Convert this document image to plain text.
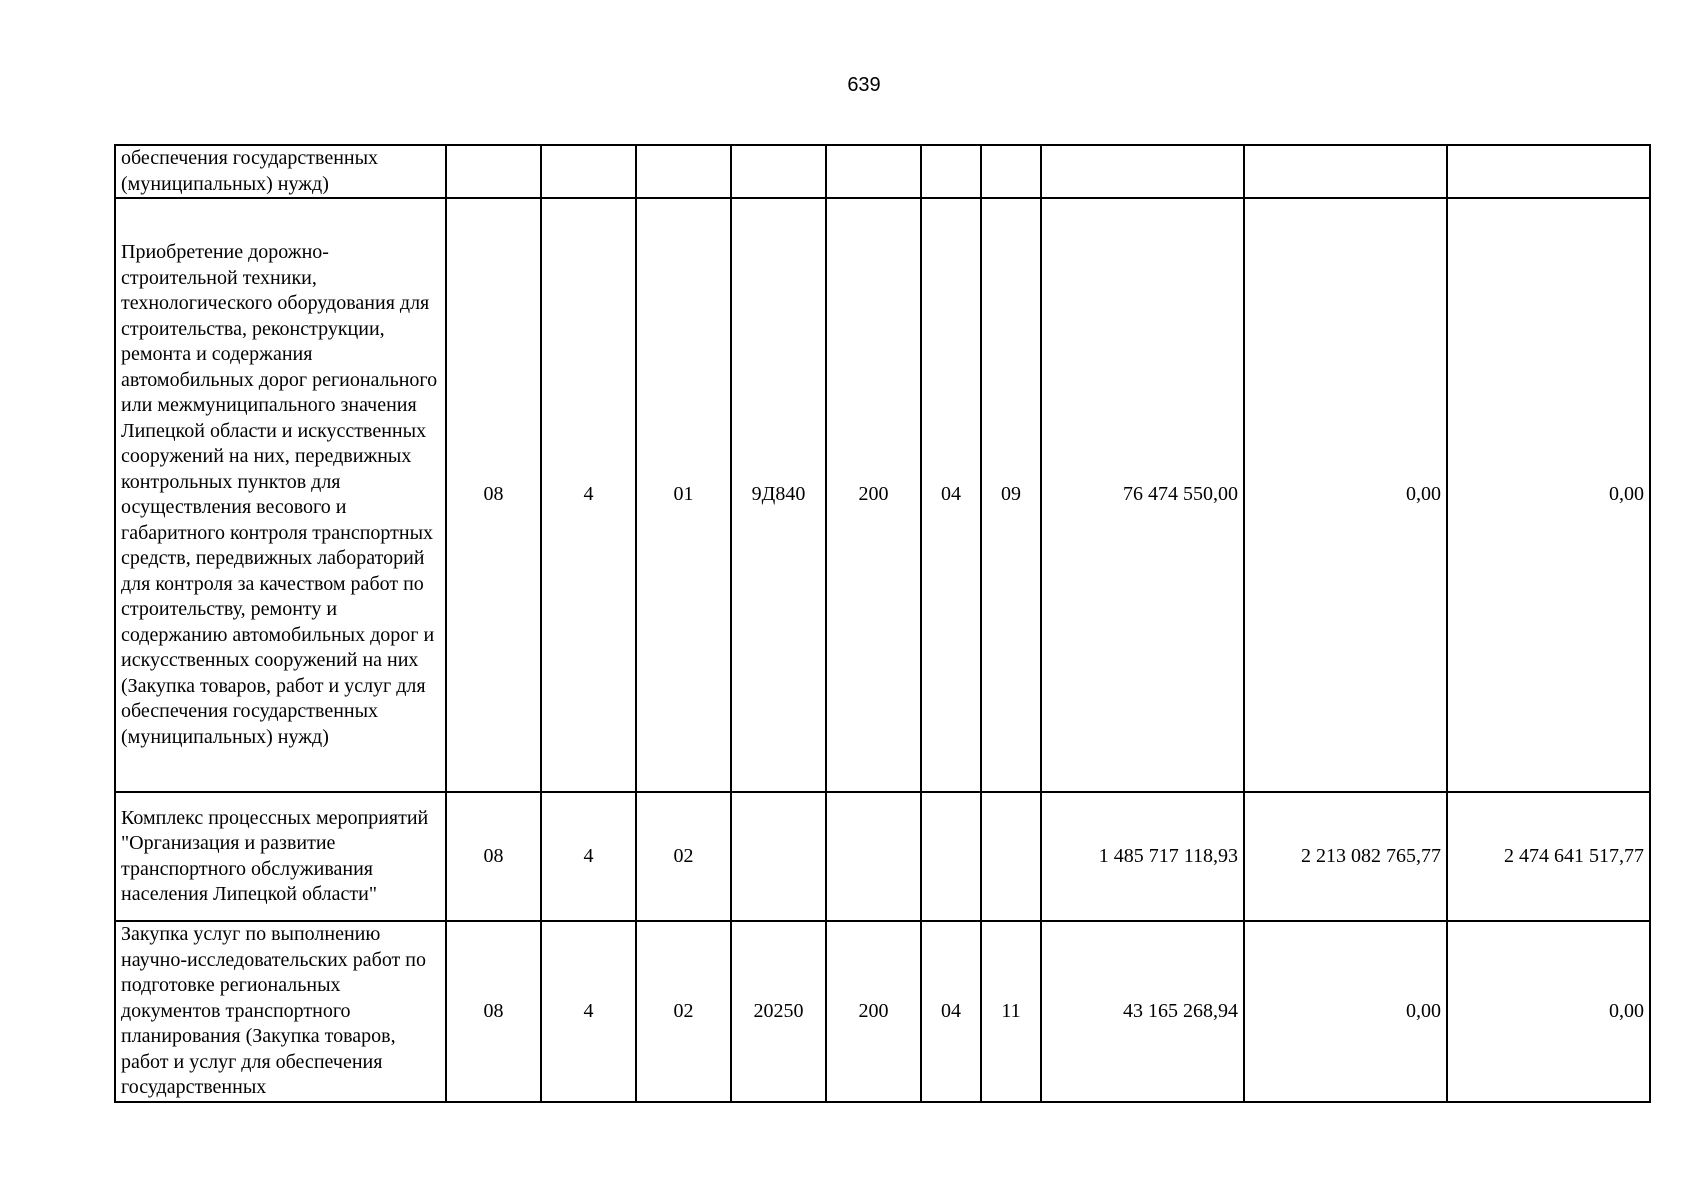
639
обеспечения государственных (муниципальных) нужд)										
Приобретение дорожно-строительной техники, технологического оборудования для строительства, реконструкции, ремонта и содержания автомобильных дорог регионального или межмуниципального значения Липецкой области и искусственных сооружений на них, передвижных контрольных пунктов для осуществления весового и габаритного контроля транспортных средств, передвижных лабораторий для контроля за качеством работ по строительству, ремонту и содержанию автомобильных дорог и искусственных сооружений на них (Закупка товаров, работ и услуг для обеспечения государственных (муниципальных) нужд)	08	4	01	9Д840	200	04	09	76 474 550,00	0,00	0,00
Комплекс процессных мероприятий "Организация и развитие транспортного обслуживания населения Липецкой области"	08	4	02					1 485 717 118,93	2 213 082 765,77	2 474 641 517,77
Закупка услуг по выполнению научно-исследовательских работ по подготовке региональных документов транспортного планирования (Закупка товаров, работ и услуг для обеспечения государственных	08	4	02	20250	200	04	11	43 165 268,94	0,00	0,00
